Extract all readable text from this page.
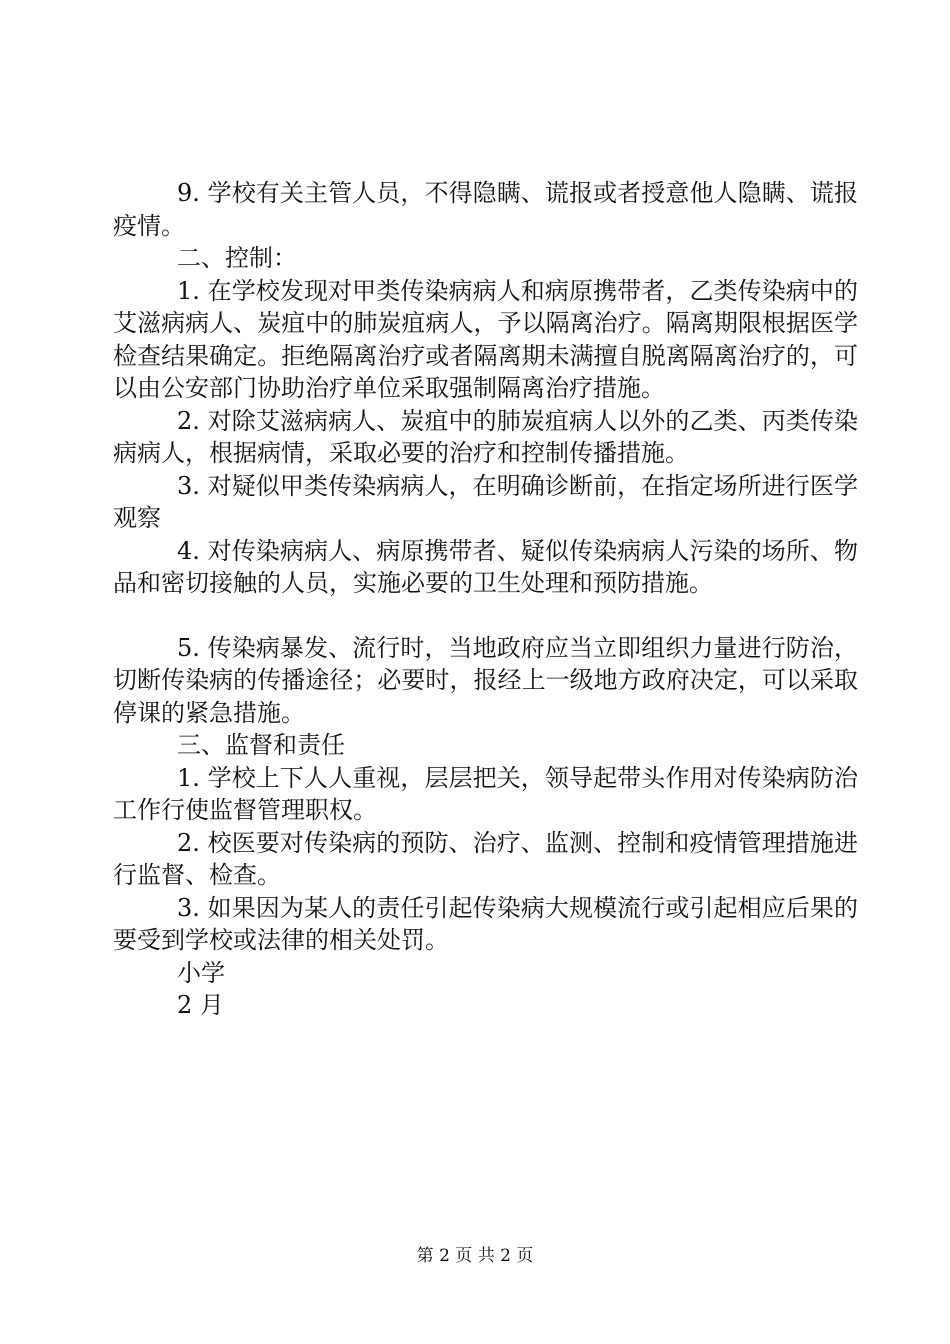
9. 学校有关主管人员，不得隐瞒、谎报或者授意他人隐瞒、谎报疫情。

二、控制：

1. 在学校发现对甲类传染病病人和病原携带者，乙类传染病中的艾滋病病人、炭疽中的肺炭疽病人，予以隔离治疗。隔离期限根据医学检查结果确定。拒绝隔离治疗或者隔离期未满擅自脱离隔离治疗的，可以由公安部门协助治疗单位采取强制隔离治疗措施。

2. 对除艾滋病病人、炭疽中的肺炭疽病人以外的乙类、丙类传染病病人，根据病情，采取必要的治疗和控制传播措施。

3. 对疑似甲类传染病病人，在明确诊断前，在指定场所进行医学观察

4. 对传染病病人、病原携带者、疑似传染病病人污染的场所、物品和密切接触的人员，实施必要的卫生处理和预防措施。

5. 传染病暴发、流行时，当地政府应当立即组织力量进行防治，切断传染病的传播途径；必要时，报经上一级地方政府决定，可以采取停课的紧急措施。

三、监督和责任

1. 学校上下人人重视，层层把关，领导起带头作用对传染病防治工作行使监督管理职权。

2. 校医要对传染病的预防、治疗、监测、控制和疫情管理措施进行监督、检查。

3. 如果因为某人的责任引起传染病大规模流行或引起相应后果的要受到学校或法律的相关处罚。

小学

2 月

第 2 页 共 2 页
